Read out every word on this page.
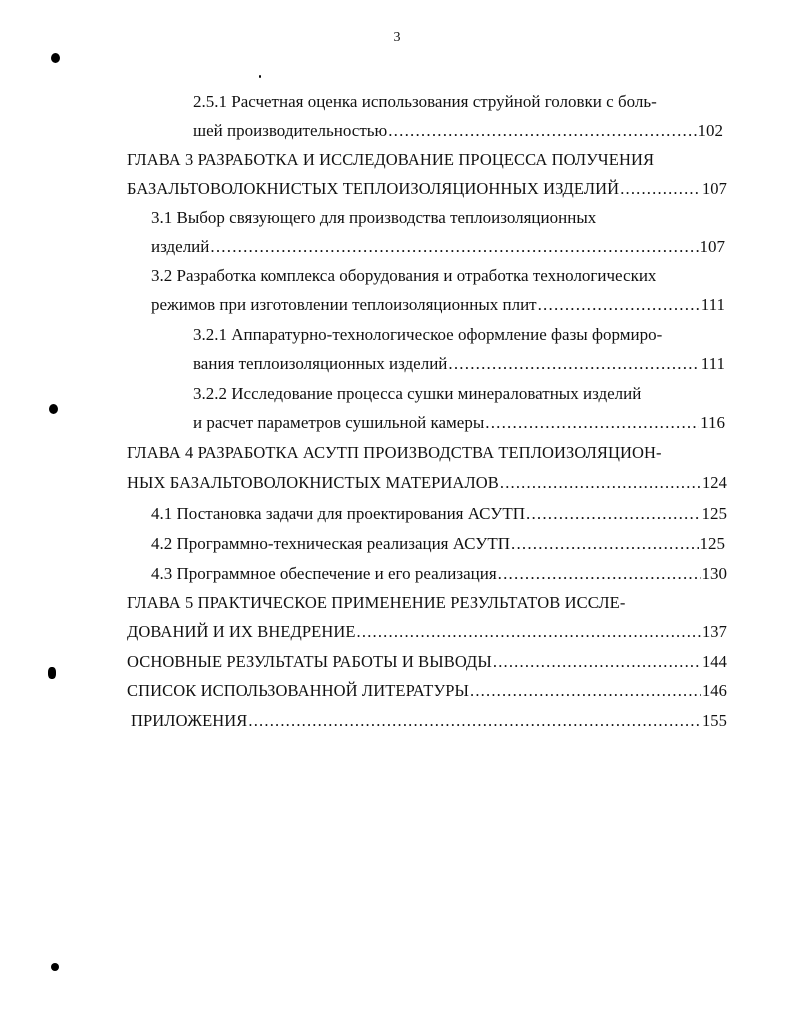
3
2.5.1 Расчетная оценка использования струйной головки с боль-
шей производительностью .....	102
ГЛАВА 3 РАЗРАБОТКА И ИССЛЕДОВАНИЕ ПРОЦЕССА ПОЛУЧЕНИЯ
БАЗАЛЬТОВОЛОКНИСТЫХ ТЕПЛОИЗОЛЯЦИОННЫХ ИЗДЕЛИЙ .....	107
3.1 Выбор связующего для производства теплоизоляционных
изделий .....	107
3.2 Разработка комплекса оборудования и отработка технологических
режимов при изготовлении теплоизоляционных плит .....	111
3.2.1 Аппаратурно-технологическое оформление фазы формиро-
вания теплоизоляционных изделий .....	111
3.2.2 Исследование процесса сушки минераловатных изделий
и расчет параметров сушильной камеры .....	116
ГЛАВА 4 РАЗРАБОТКА АСУТП ПРОИЗВОДСТВА ТЕПЛОИЗОЛЯЦИОН-
НЫХ БАЗАЛЬТОВОЛОКНИСТЫХ МАТЕРИАЛОВ .....	124
4.1 Постановка задачи для проектирования АСУТП .....	125
4.2 Программно-техническая реализация АСУТП .....	125
4.3 Программное обеспечение и его реализация .....	130
ГЛАВА 5 ПРАКТИЧЕСКОЕ ПРИМЕНЕНИЕ РЕЗУЛЬТАТОВ ИССЛЕ-
ДОВАНИЙ И ИХ ВНЕДРЕНИЕ .....	137
ОСНОВНЫЕ РЕЗУЛЬТАТЫ РАБОТЫ И ВЫВОДЫ .....	144
СПИСОК ИСПОЛЬЗОВАННОЙ ЛИТЕРАТУРЫ .....	146
ПРИЛОЖЕНИЯ .....	155
